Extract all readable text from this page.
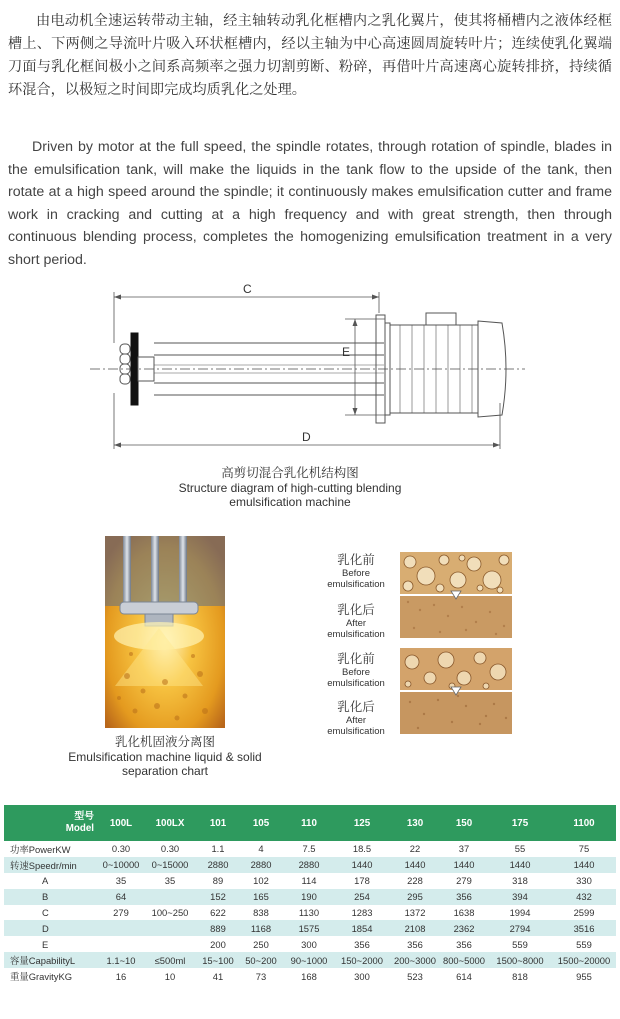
由电动机全速运转带动主轴，经主轴转动乳化框槽内之乳化翼片，使其将桶槽内之液体经框槽上、下两侧之导流叶片吸入环状框槽内，经以主轴为中心高速圆周旋转叶片；连续使乳化翼端刀面与乳化框间极小之间系高频率之强力切割剪断、粉碎，再借叶片高速离心旋转排挤，持续循环混合，以极短之时间即完成均质乳化之处理。

Driven by motor at the full speed, the spindle rotates, through rotation of spindle, blades in the emulsification tank, will make the liquids in the tank flow to the upside of the tank, then rotate at a high speed around the spindle; it continuously makes emulsification cutter and frame work in cracking and cutting at a high frequency and with great strength, then through continuous blending process, completes the homogenizing emulsification treatment in a very short period.

C
D
E
高剪切混合乳化机结构图
Structure diagram of high-cutting blending
emulsification machine
乳化机固液分离图
Emulsification machine liquid & solid
separation chart
乳化前
Before
emulsification
乳化后
After
emulsification
乳化前
Before
emulsification
乳化后
After
emulsification
型号
Model	100L	100LX	101	105	110	125	130	150	175	1100
功率PowerKW	0.30	0.30	1.1	4	7.5	18.5	22	37	55	75
转速Speedr/min	0~10000	0~15000	2880	2880	2880	1440	1440	1440	1440	1440
A	35	35	89	102	114	178	228	279	318	330
B	64		152	165	190	254	295	356	394	432
C	279	100~250	622	838	1130	1283	1372	1638	1994	2599
D			889	1168	1575	1854	2108	2362	2794	3516
E			200	250	300	356	356	356	559	559
容量CapabilityL	1.1~10	≤500ml	15~100	50~200	90~1000	150~2000	200~3000	800~5000	1500~8000	1500~20000
重量GravityKG	16	10	41	73	168	300	523	614	818	955
